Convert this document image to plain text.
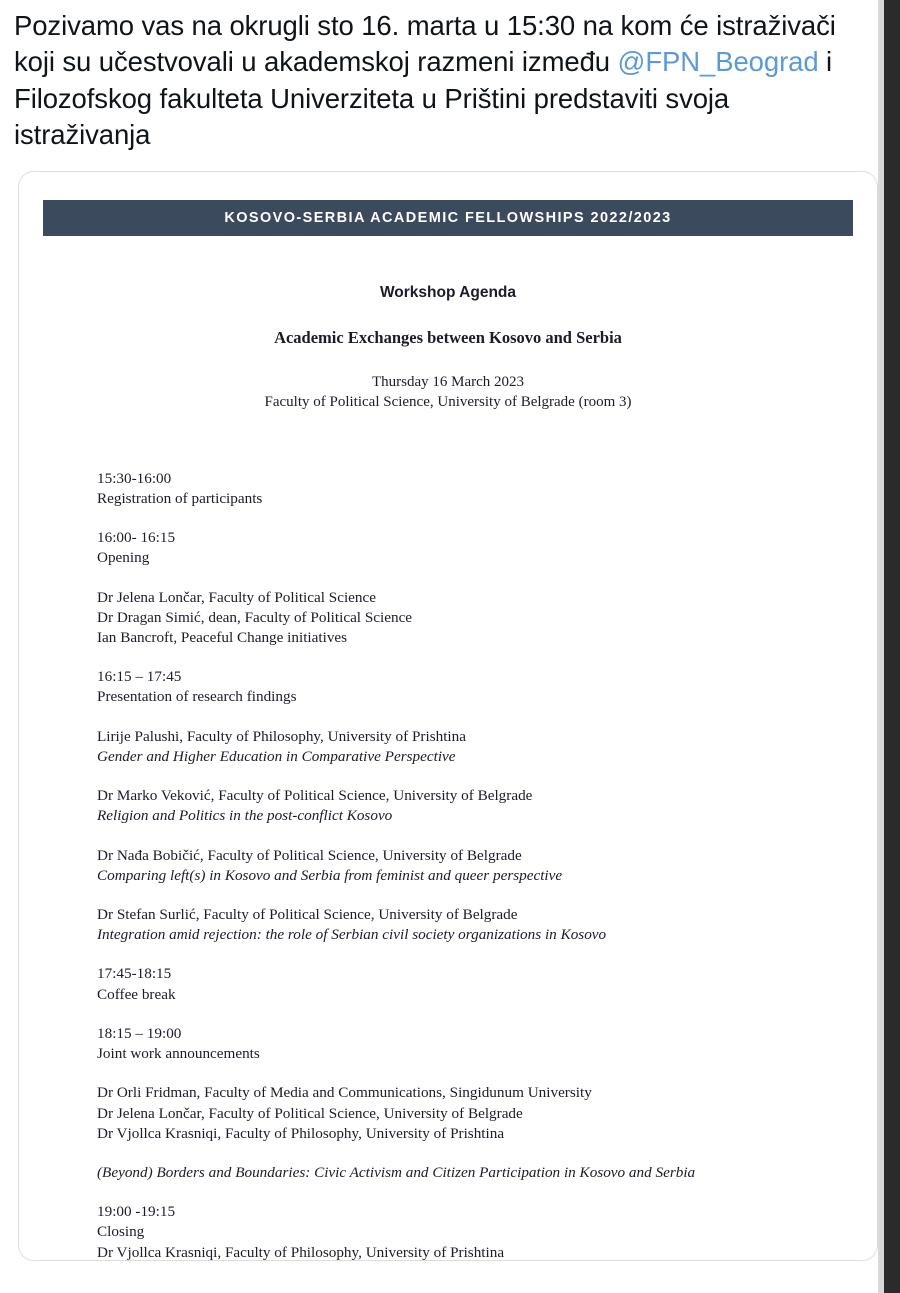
Pozivamo vas na okrugli sto 16. marta u 15:30 na kom će istraživači koji su učestvovali u akademskoj razmeni između @FPN_Beograd i Filozofskog fakulteta Univerziteta u Prištini predstaviti svoja istraživanja
KOSOVO-SERBIA ACADEMIC FELLOWSHIPS 2022/2023
Workshop Agenda
Academic Exchanges between Kosovo and Serbia
Thursday 16 March 2023
Faculty of Political Science, University of Belgrade (room 3)
15:30-16:00
Registration of participants
16:00- 16:15
Opening
Dr Jelena Lončar, Faculty of Political Science
Dr Dragan Simić, dean, Faculty of Political Science
Ian Bancroft, Peaceful Change initiatives
16:15 – 17:45
Presentation of research findings
Lirije Palushi, Faculty of Philosophy, University of Prishtina
Gender and Higher Education in Comparative Perspective
Dr Marko Veković, Faculty of Political Science, University of Belgrade
Religion and Politics in the post-conflict Kosovo
Dr Nađa Bobičić, Faculty of Political Science, University of Belgrade
Comparing left(s) in Kosovo and Serbia from feminist and queer perspective
Dr Stefan Surlić, Faculty of Political Science, University of Belgrade
Integration amid rejection: the role of Serbian civil society organizations in Kosovo
17:45-18:15
Coffee break
18:15 – 19:00
Joint work announcements
Dr Orli Fridman, Faculty of Media and Communications, Singidunum University
Dr Jelena Lončar, Faculty of Political Science, University of Belgrade
Dr Vjollca Krasniqi, Faculty of Philosophy, University of Prishtina
(Beyond) Borders and Boundaries: Civic Activism and Citizen Participation in Kosovo and Serbia
19:00 -19:15
Closing
Dr Vjollca Krasniqi, Faculty of Philosophy, University of Prishtina
